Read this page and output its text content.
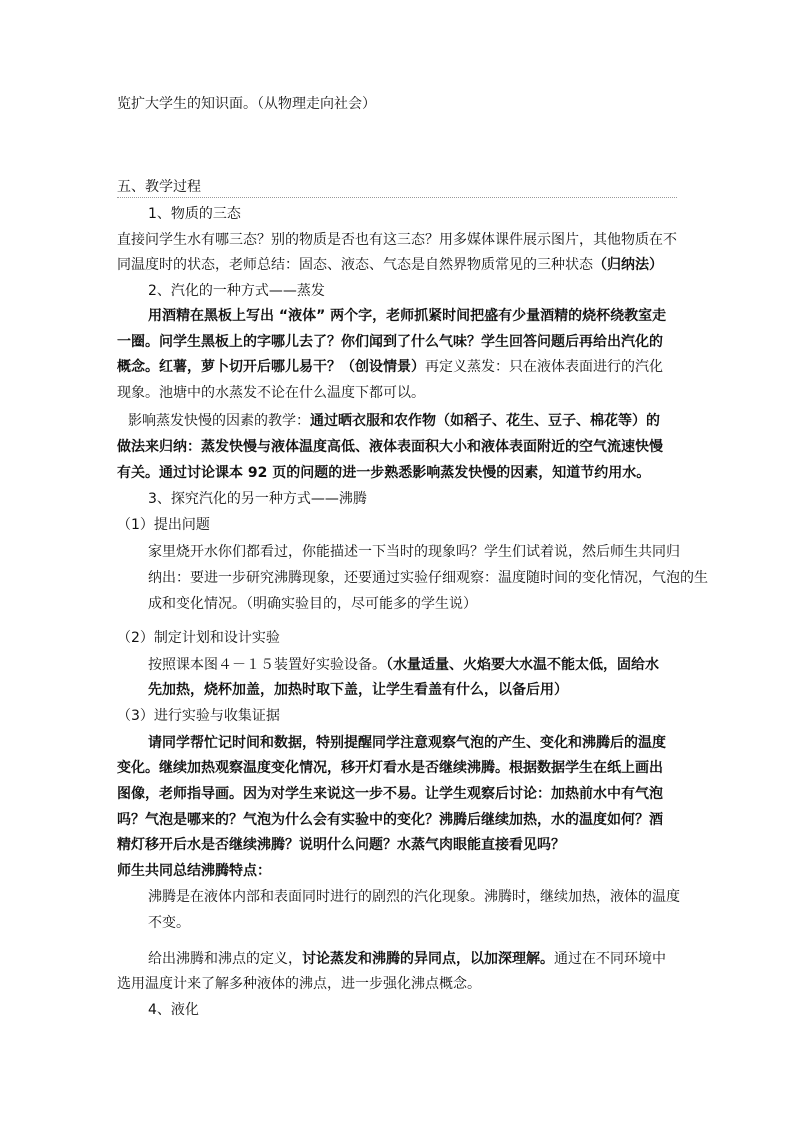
览扩大学生的知识面。（从物理走向社会）
五、教学过程
1、物质的三态
直接问学生水有哪三态？别的物质是否也有这三态？用多媒体课件展示图片，其他物质在不
同温度时的状态，老师总结：固态、液态、气态是自然界物质常见的三种状态（归纳法）
2、汽化的一种方式——蒸发
用酒精在黑板上写出 “液体” 两个字，老师抓紧时间把盛有少量酒精的烧杯绕教室走
一圈。问学生黑板上的字哪儿去了？你们闻到了什么气味？学生回答问题后再给出汽化的
概念。红薯，萝卜切开后哪儿易干？（创设情景）再定义蒸发：只在液体表面进行的汽化
现象。池塘中的水蒸发不论在什么温度下都可以。
影响蒸发快慢的因素的教学：通过晒衣服和农作物（如稻子、花生、豆子、棉花等）的
做法来归纳：蒸发快慢与液体温度高低、液体表面积大小和液体表面附近的空气流速快慢
有关。通过讨论课本 92 页的问题的进一步熟悉影响蒸发快慢的因素，知道节约用水。
3、探究汽化的另一种方式——沸腾
（1）提出问题
家里烧开水你们都看过，你能描述一下当时的现象吗？学生们试着说，然后师生共同归
纳出：要进一步研究沸腾现象，还要通过实验仔细观察：温度随时间的变化情况，气泡的生
成和变化情况。（明确实验目的，尽可能多的学生说）
（2）制定计划和设计实验
按照课本图４－１５装置好实验设备。（水量适量、火焰要大水温不能太低，固给水
先加热，烧杯加盖，加热时取下盖，让学生看盖有什么，以备后用）
（3）进行实验与收集证据
请同学帮忙记时间和数据，特别提醒同学注意观察气泡的产生、变化和沸腾后的温度
变化。继续加热观察温度变化情况，移开灯看水是否继续沸腾。根据数据学生在纸上画出
图像，老师指导画。因为对学生来说这一步不易。让学生观察后讨论：加热前水中有气泡
吗？气泡是哪来的？气泡为什么会有实验中的变化？沸腾后继续加热，水的温度如何？酒
精灯移开后水是否继续沸腾？说明什么问题？水蒸气肉眼能直接看见吗？
师生共同总结沸腾特点：
沸腾是在液体内部和表面同时进行的剧烈的汽化现象。沸腾时，继续加热，液体的温度
不变。
给出沸腾和沸点的定义，讨论蒸发和沸腾的异同点，以加深理解。通过在不同环境中
选用温度计来了解多种液体的沸点，进一步强化沸点概念。
4、液化
